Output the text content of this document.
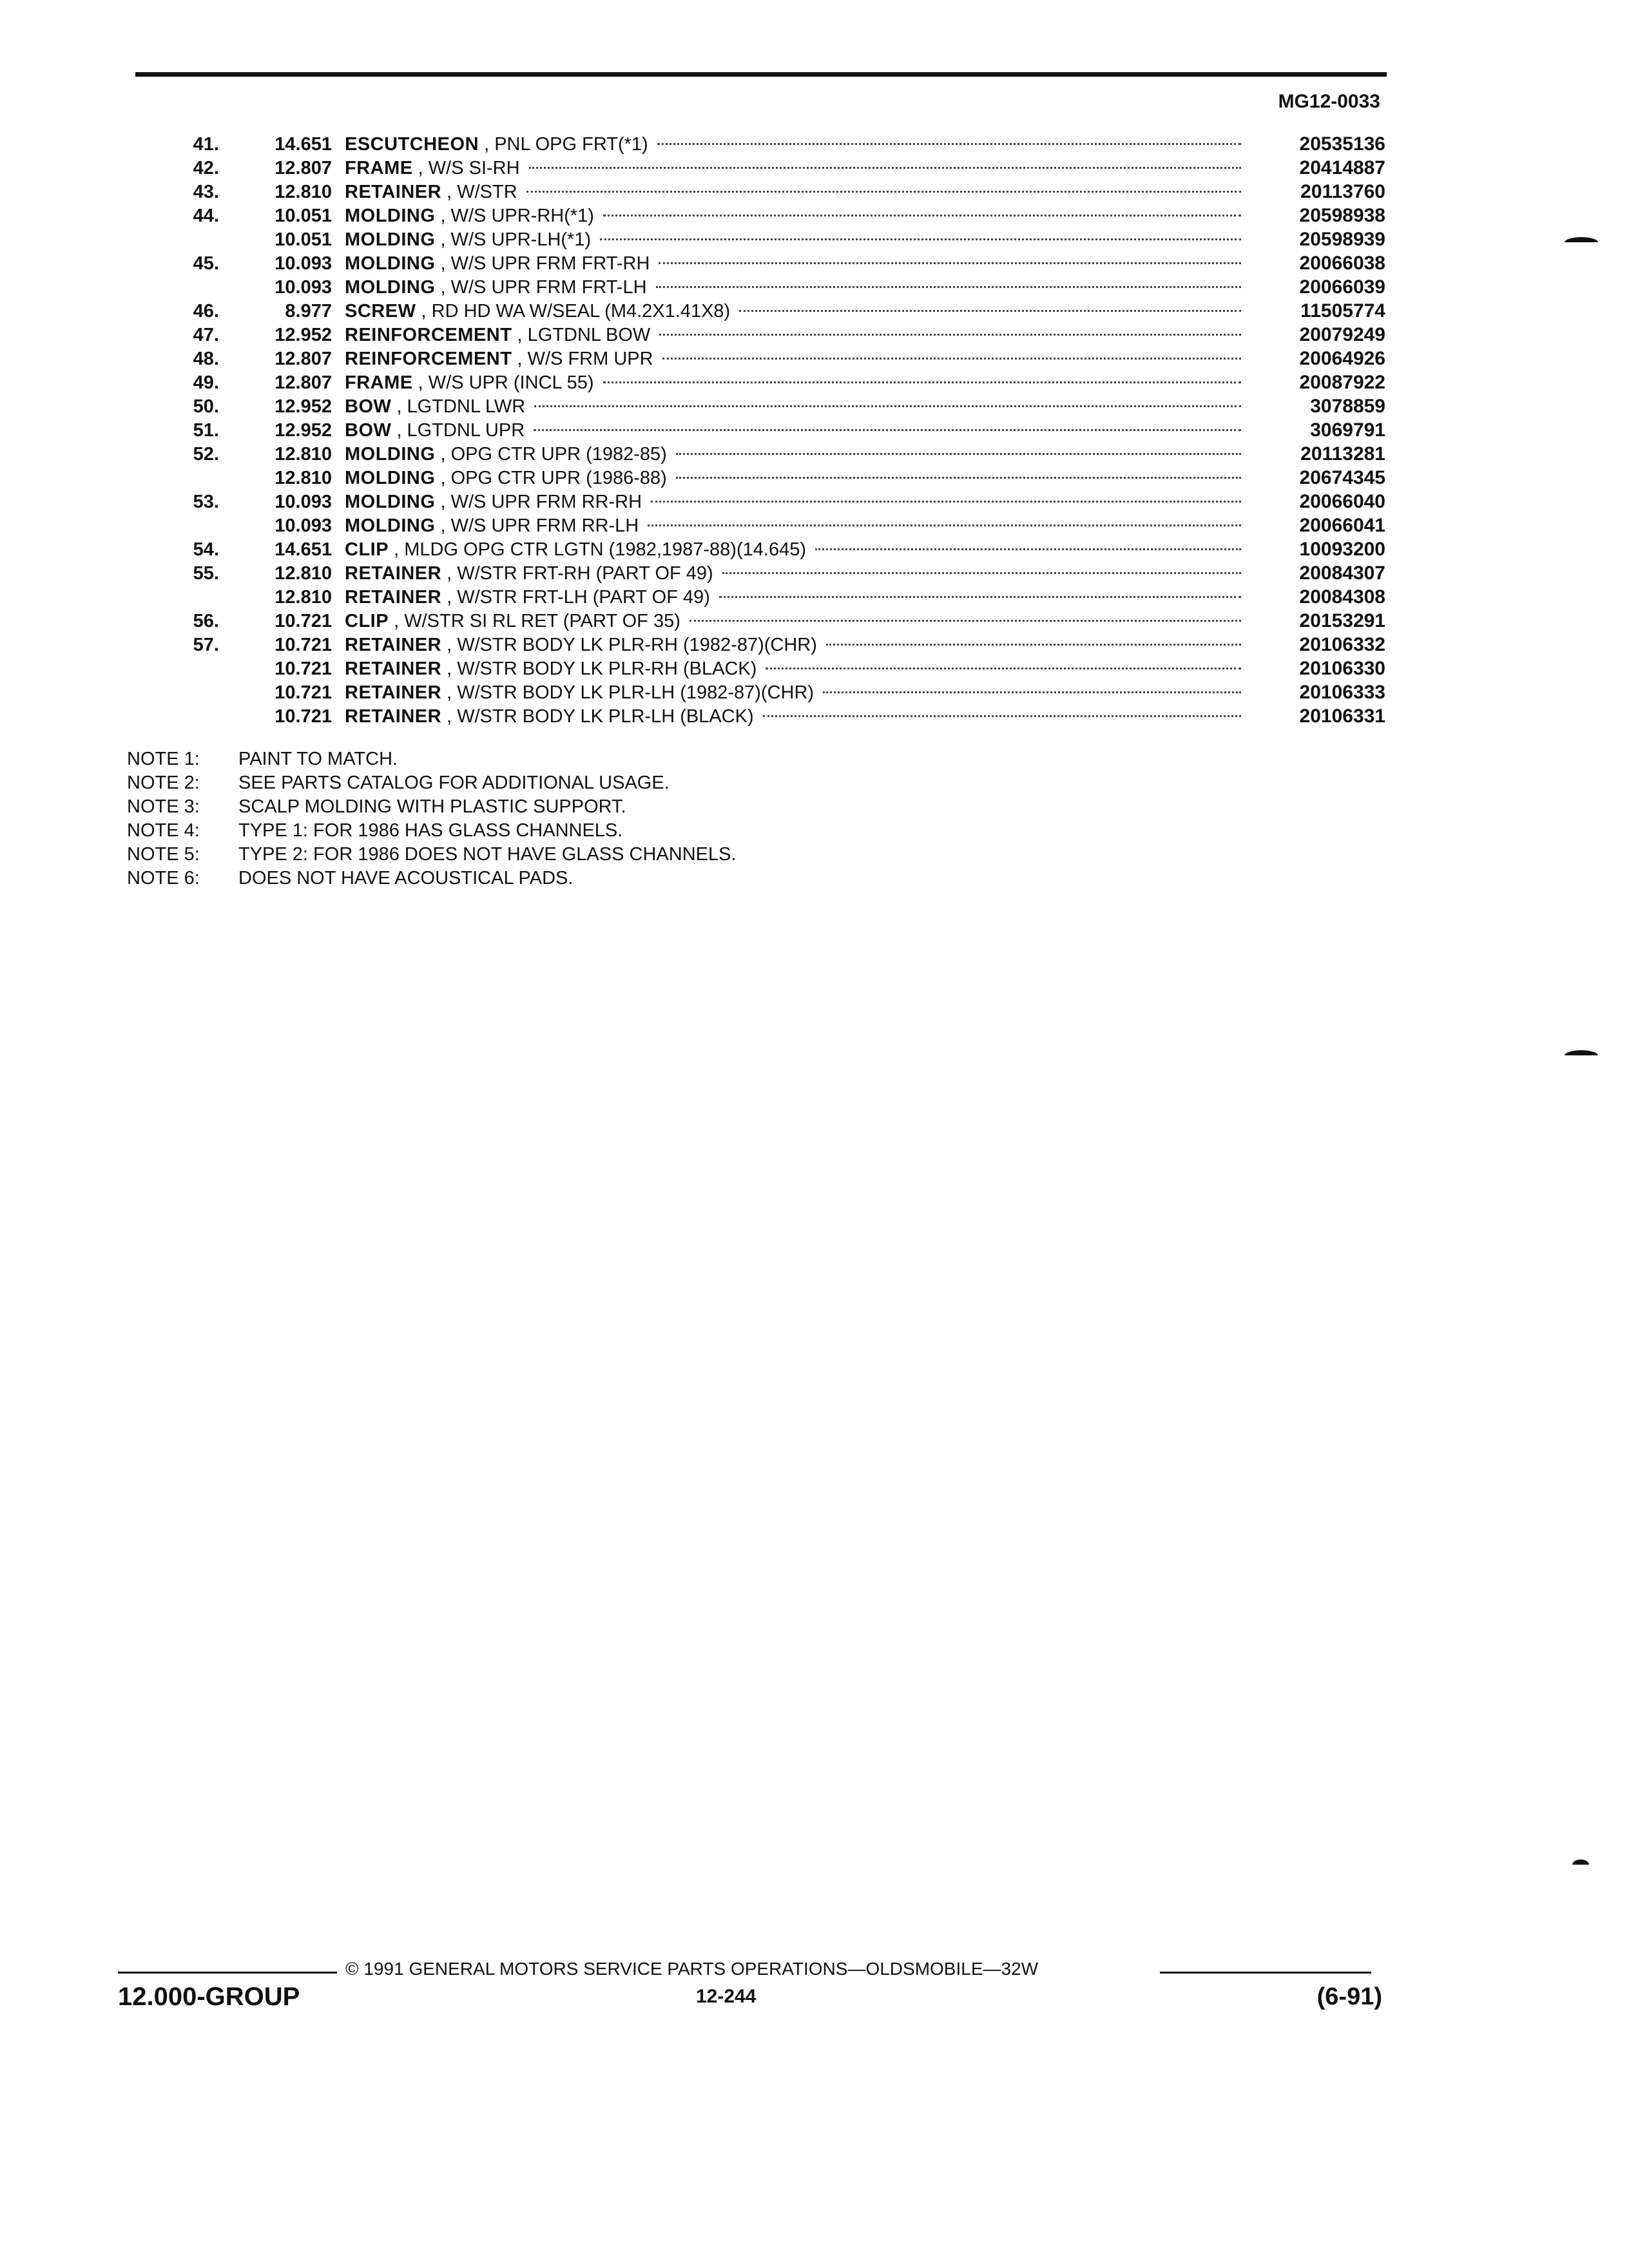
MG12-0033
41.	14.651 ESCUTCHEON , PNL OPG FRT(*1)	20535136
42.	12.807 FRAME , W/S SI-RH	20414887
43.	12.810 RETAINER , W/STR	20113760
44.	10.051 MOLDING , W/S UPR-RH(*1)	20598938
10.051 MOLDING , W/S UPR-LH(*1)	20598939
45.	10.093 MOLDING , W/S UPR FRM FRT-RH	20066038
10.093 MOLDING , W/S UPR FRM FRT-LH	20066039
46.	8.977 SCREW , RD HD WA W/SEAL (M4.2X1.41X8)	11505774
47.	12.952 REINFORCEMENT , LGTDNL BOW	20079249
48.	12.807 REINFORCEMENT , W/S FRM UPR	20064926
49.	12.807 FRAME , W/S UPR (INCL 55)	20087922
50.	12.952 BOW , LGTDNL LWR	3078859
51.	12.952 BOW , LGTDNL UPR	3069791
52.	12.810 MOLDING , OPG CTR UPR (1982-85)	20113281
12.810 MOLDING , OPG CTR UPR (1986-88)	20674345
53.	10.093 MOLDING , W/S UPR FRM RR-RH	20066040
10.093 MOLDING , W/S UPR FRM RR-LH	20066041
54.	14.651 CLIP , MLDG OPG CTR LGTN (1982,1987-88)(14.645)	10093200
55.	12.810 RETAINER , W/STR FRT-RH (PART OF 49)	20084307
12.810 RETAINER , W/STR FRT-LH (PART OF 49)	20084308
56.	10.721 CLIP , W/STR SI RL RET (PART OF 35)	20153291
57.	10.721 RETAINER , W/STR BODY LK PLR-RH (1982-87)(CHR)	20106332
10.721 RETAINER , W/STR BODY LK PLR-RH (BLACK)	20106330
10.721 RETAINER , W/STR BODY LK PLR-LH (1982-87)(CHR)	20106333
10.721 RETAINER , W/STR BODY LK PLR-LH (BLACK)	20106331
NOTE 1:	PAINT TO MATCH.
NOTE 2:	SEE PARTS CATALOG FOR ADDITIONAL USAGE.
NOTE 3:	SCALP MOLDING WITH PLASTIC SUPPORT.
NOTE 4:	TYPE 1: FOR 1986 HAS GLASS CHANNELS.
NOTE 5:	TYPE 2: FOR 1986 DOES NOT HAVE GLASS CHANNELS.
NOTE 6:	DOES NOT HAVE ACOUSTICAL PADS.
12.000-GROUP
© 1991 GENERAL MOTORS SERVICE PARTS OPERATIONS—OLDSMOBILE—32W
12-244	(6-91)
